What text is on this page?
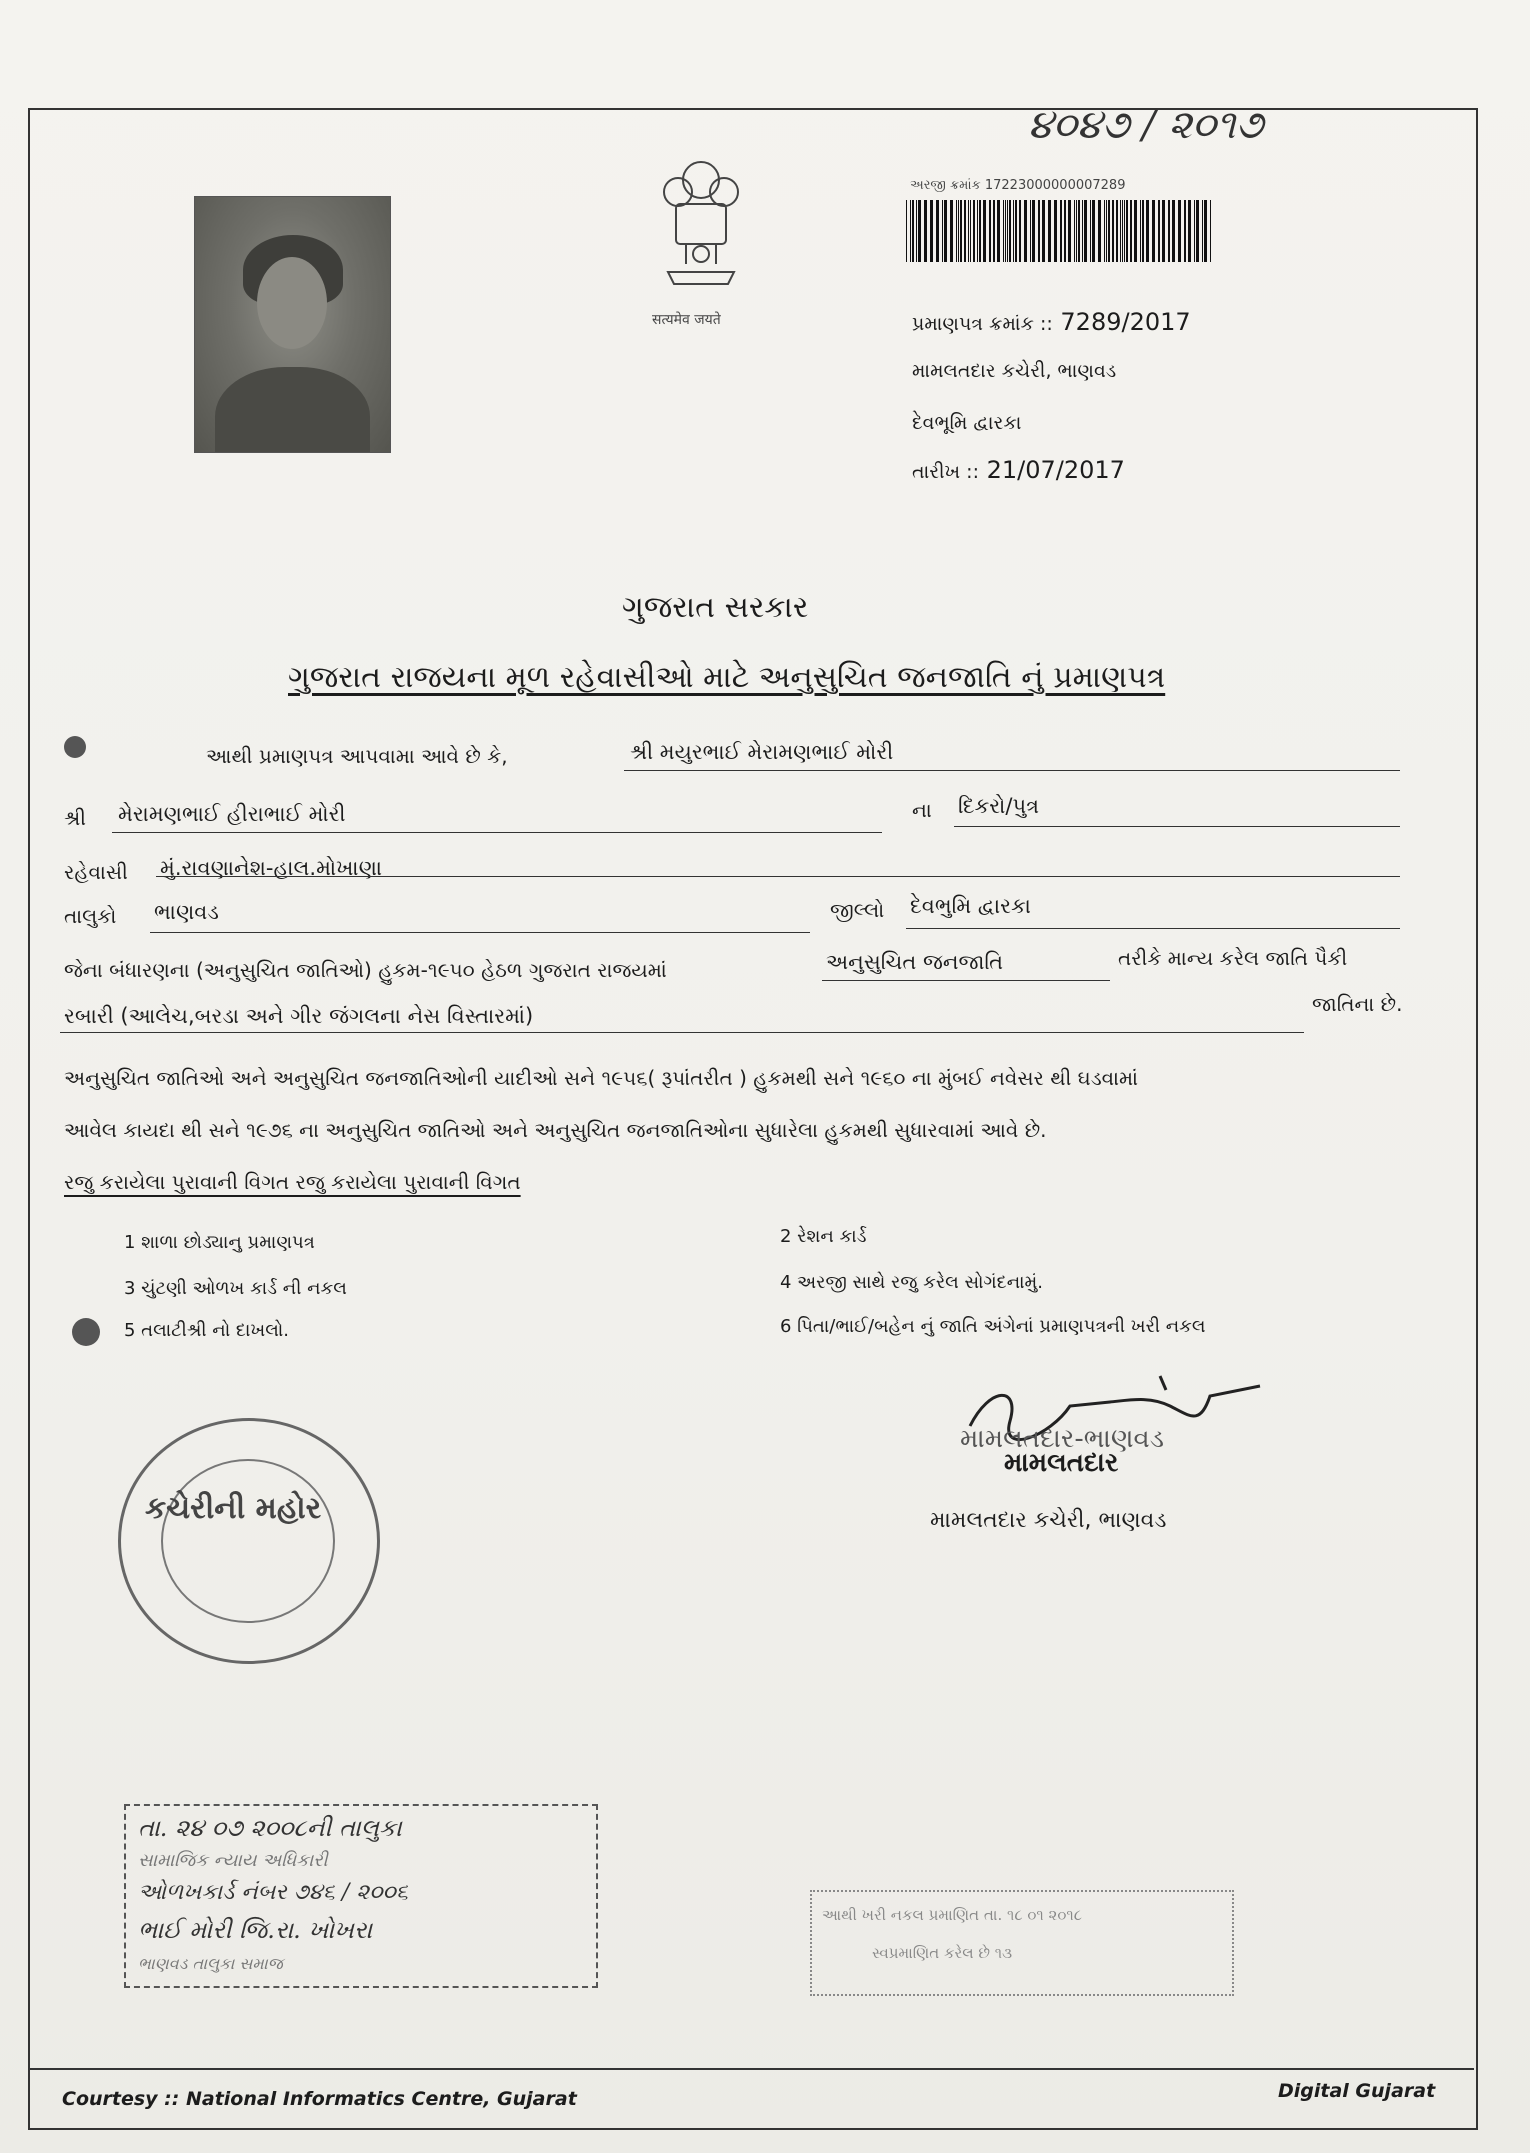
૪૦૪૭ / ૨૦૧૭
सत्यमेव जयते
અરજી ક્રમાંક 17223000000007289
પ્રમાણપત્ર ક્રમાંક :: 7289/2017
મામલતદાર કચેરી, ભાણવડ
દેવભૂમિ દ્વારકા
તારીખ :: 21/07/2017
ગુજરાત સરકાર
ગુજરાત રાજયના મૂળ રહેવાસીઓ માટે અનુસુચિત જનજાતિ નું પ્રમાણપત્ર
આથી પ્રમાણપત્ર આપવામા આવે છે કે,	શ્રી મયુરભાઈ મેરામણભાઈ મોરી
શ્રી મેરામણભાઈ હીરાભાઈ મોરી	ના દિકરો/પુત્ર
રહેવાસી મું.રાવણાનેશ-હાલ.મોખાણા
તાલુકો ભાણવડ	જીલ્લો દેવભુમિ દ્વારકા
જેના બંધારણના (અનુસુચિત જાતિઓ) હુકમ-૧૯૫૦ હેઠળ ગુજરાત રાજયમાં	અનુસુચિત જનજાતિ	તરીકે માન્ય કરેલ જાતિ પૈકી
રબારી (આલેચ,બરડા અને ગીર જંગલના નેસ વિસ્તારમાં)	જાતિના છે.
અનુસુચિત જાતિઓ અને અનુસુચિત જનજાતિઓની યાદીઓ સને ૧૯૫૬( રૂપાંતરીત ) હુકમથી સને ૧૯૬૦ ના મુંબઈ નવેસર થી ઘડવામાં
આવેલ કાયદા થી સને ૧૯૭૬ ના અનુસુચિત જાતિઓ અને અનુસુચિત જનજાતિઓના સુધારેલા હુકમથી સુધારવામાં આવે છે.
રજુ કરાયેલા પુરાવાની વિગત રજુ કરાયેલા પુરાવાની વિગત
1 શાળા છોડ્યાનુ પ્રમાણપત્ર	2 રેશન કાર્ડ
3 ચુંટણી ઓળખ કાર્ડ ની નકલ	4 અરજી સાથે રજુ કરેલ સોગંદનામું.
5 તલાટીશ્રી નો દાખલો.	6 પિતા/ભાઈ/બહેન નું જાતિ અંગેનાં પ્રમાણપત્રની ખરી નકલ
મામલતદાર-ભાણવડ
મામલતદાર
મામલતદાર કચેરી, ભાણવડ
કચેરીની મહોર
તા. ૨૪ ૦૭ ૨૦૦૮ની તાલુકા
સામાજિક ન્યાય અધિકારી
ઓળખકાર્ડ નંબર ૭૪૬ / ૨૦૦૬
ભાઈ મોરી જિ.રા. ખોખરા
ભાણવડ તાલુકા સમાજ
આથી ખરી નકલ પ્રમાણિત તા. ૧૮ ૦૧ ૨૦૧૮
સ્વપ્રમાણિત કરેલ છે ૧૩
Courtesy :: National Informatics Centre, Gujarat	Digital Gujarat
